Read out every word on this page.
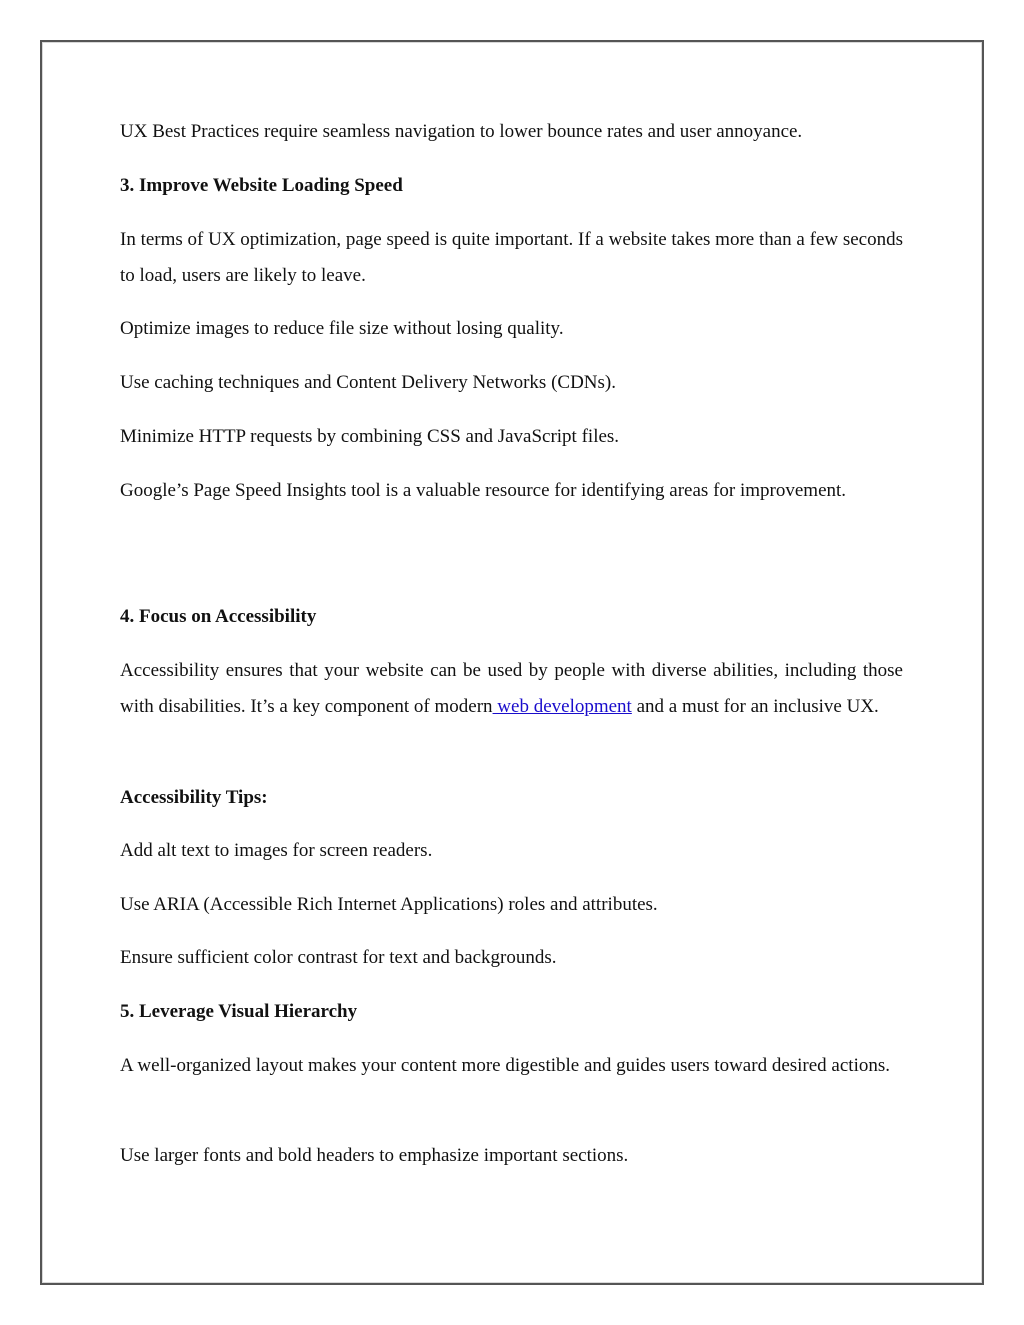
UX Best Practices require seamless navigation to lower bounce rates and user annoyance.

3. Improve Website Loading Speed

In terms of UX optimization, page speed is quite important. If a website takes more than a few seconds to load, users are likely to leave.

Optimize images to reduce file size without losing quality.

Use caching techniques and Content Delivery Networks (CDNs).

Minimize HTTP requests by combining CSS and JavaScript files.

Google’s Page Speed Insights tool is a valuable resource for identifying areas for improvement.

4. Focus on Accessibility

Accessibility ensures that your website can be used by people with diverse abilities, including those with disabilities. It’s a key component of modern web development and a must for an inclusive UX.

Accessibility Tips:

Add alt text to images for screen readers.

Use ARIA (Accessible Rich Internet Applications) roles and attributes.

Ensure sufficient color contrast for text and backgrounds.

5. Leverage Visual Hierarchy

A well-organized layout makes your content more digestible and guides users toward desired actions.

Use larger fonts and bold headers to emphasize important sections.
